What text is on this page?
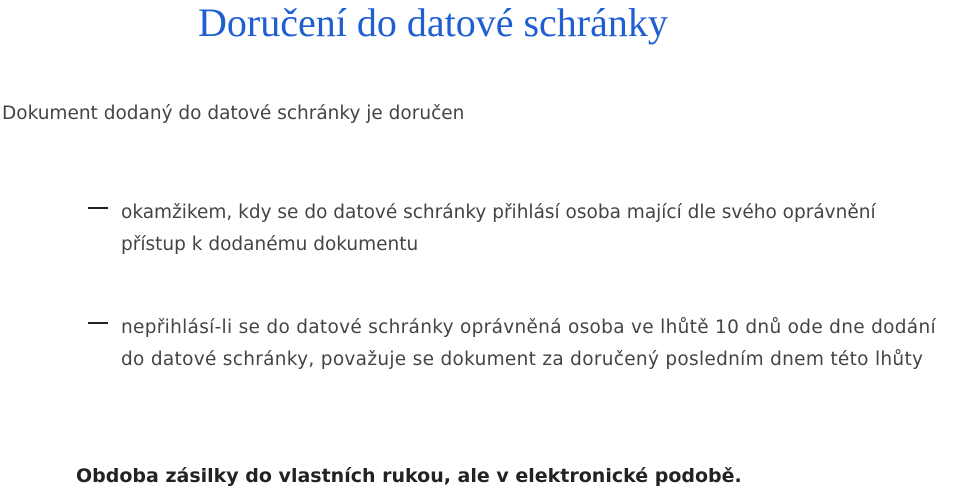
Doručení do datové schránky

Dokument dodaný do datové schránky je doručen

okamžikem, kdy se do datové schránky přihlásí osoba mající dle svého oprávnění přístup k dodanému dokumentu

nepřihlásí-li se do datové schránky oprávněná osoba ve lhůtě 10 dnů ode dne dodání do datové schránky, považuje se dokument za doručený posledním dnem této lhůty

Obdoba zásilky do vlastních rukou, ale v elektronické podobě.
